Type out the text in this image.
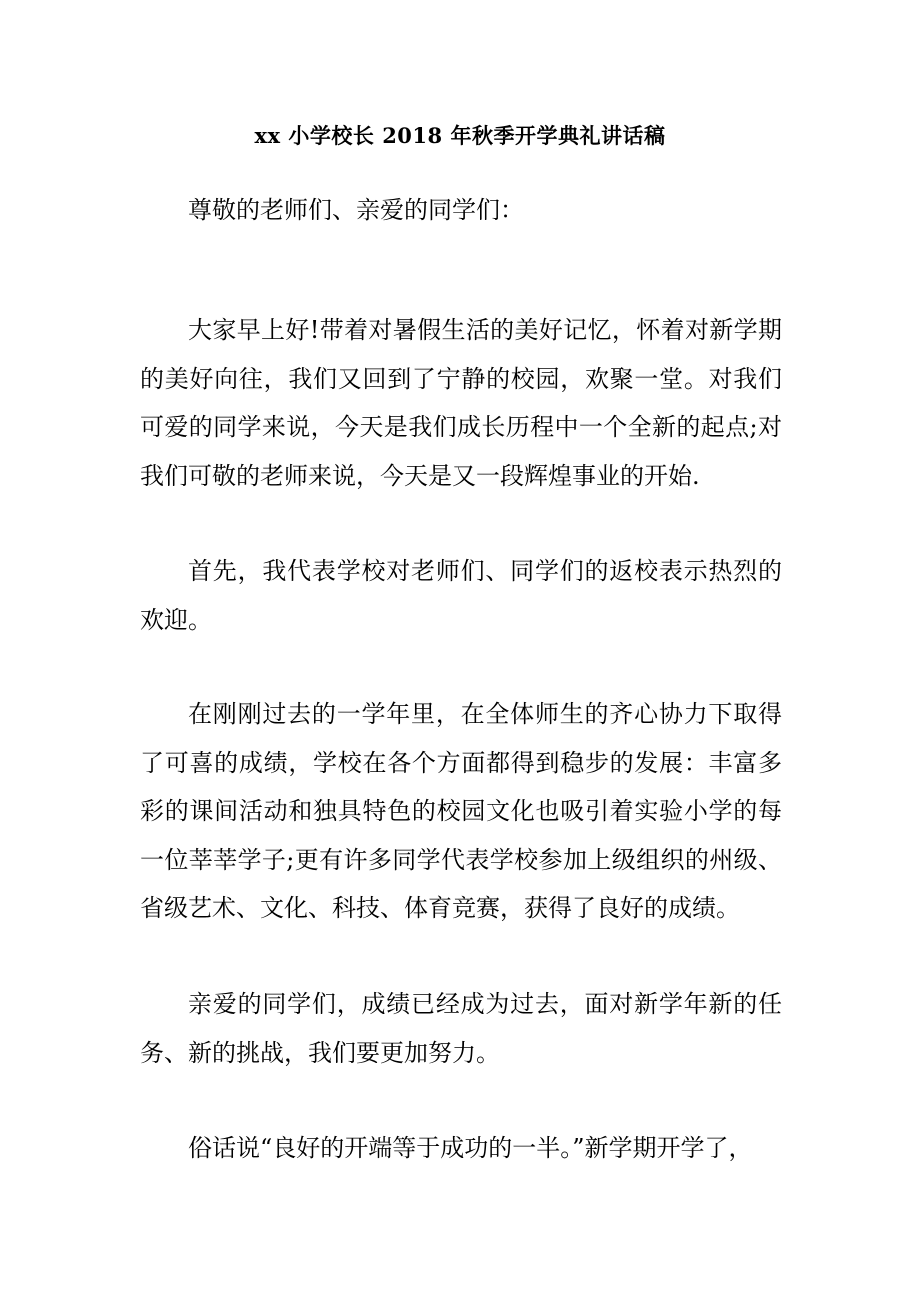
xx 小学校长 2018 年秋季开学典礼讲话稿

尊敬的老师们、亲爱的同学们：

大家早上好!带着对暑假生活的美好记忆，怀着对新学期的美好向往，我们又回到了宁静的校园，欢聚一堂。对我们可爱的同学来说，今天是我们成长历程中一个全新的起点;对我们可敬的老师来说，今天是又一段辉煌事业的开始.

首先，我代表学校对老师们、同学们的返校表示热烈的欢迎。

在刚刚过去的一学年里，在全体师生的齐心协力下取得了可喜的成绩，学校在各个方面都得到稳步的发展：丰富多彩的课间活动和独具特色的校园文化也吸引着实验小学的每一位莘莘学子;更有许多同学代表学校参加上级组织的州级、省级艺术、文化、科技、体育竞赛，获得了良好的成绩。

亲爱的同学们，成绩已经成为过去，面对新学年新的任务、新的挑战，我们要更加努力。

俗话说“良好的开端等于成功的一半。”新学期开学了，
